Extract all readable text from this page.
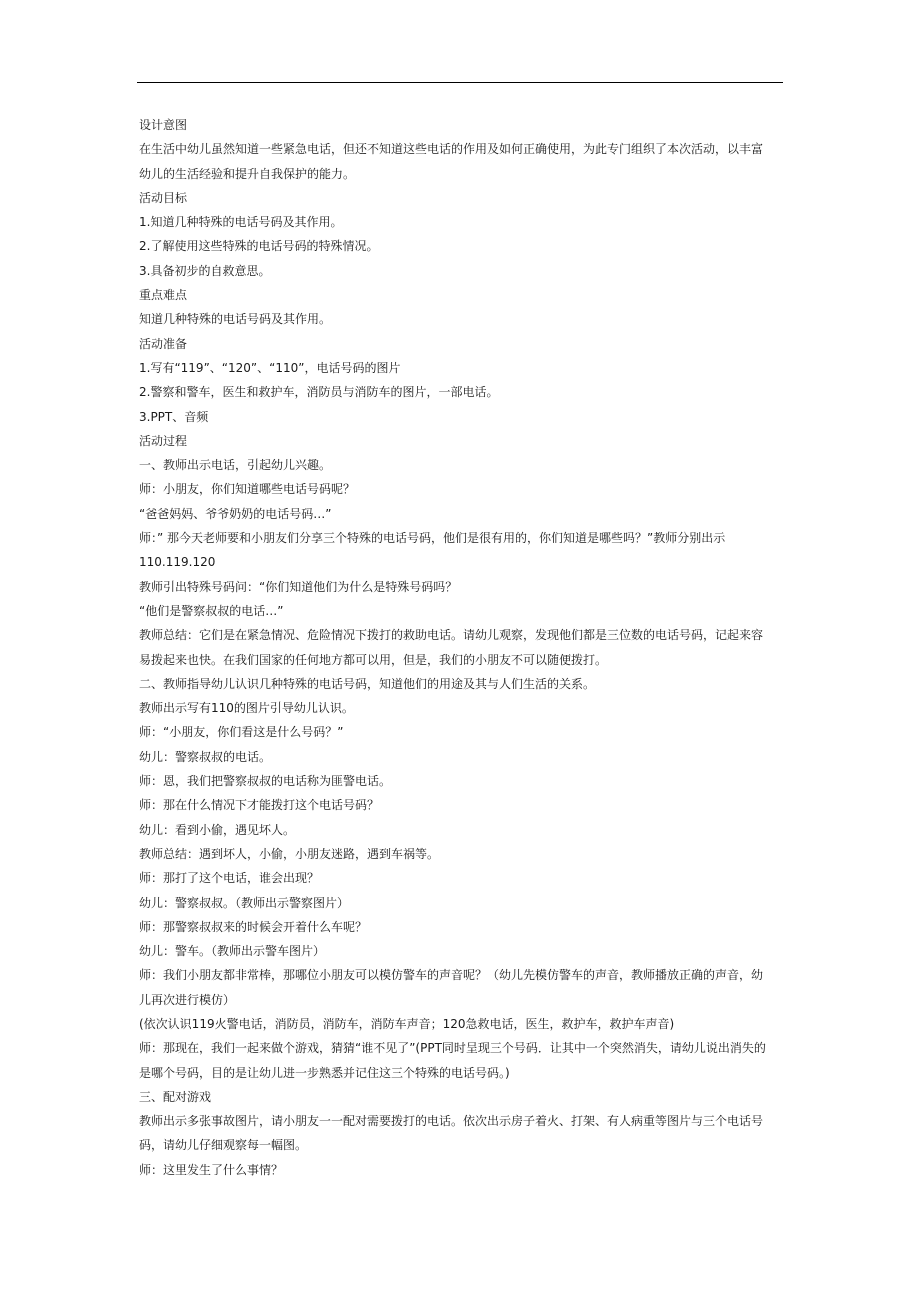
设计意图
在生活中幼儿虽然知道一些紧急电话，但还不知道这些电话的作用及如何正确使用，为此专门组织了本次活动，以丰富
幼儿的生活经验和提升自我保护的能力。
活动目标
1.知道几种特殊的电话号码及其作用。
2.了解使用这些特殊的电话号码的特殊情况。
3.具备初步的自救意思。
重点难点
知道几种特殊的电话号码及其作用。
活动准备
1.写有“119”、“120”、“110”，电话号码的图片
2.警察和警车，医生和救护车，消防员与消防车的图片，一部电话。
3.PPT、音频
活动过程
一、教师出示电话，引起幼儿兴趣。
师：小朋友，你们知道哪些电话号码呢？
“爸爸妈妈、爷爷奶奶的电话号码…”
师：” 那今天老师要和小朋友们分享三个特殊的电话号码，他们是很有用的，你们知道是哪些吗？”教师分别出示
110.119.120
教师引出特殊号码问：“你们知道他们为什么是特殊号码吗？
“他们是警察叔叔的电话…”
教师总结：它们是在紧急情况、危险情况下拨打的救助电话。请幼儿观察，发现他们都是三位数的电话号码，记起来容
易拨起来也快。在我们国家的任何地方都可以用，但是，我们的小朋友不可以随便拨打。
二、教师指导幼儿认识几种特殊的电话号码，知道他们的用途及其与人们生活的关系。
教师出示写有110的图片引导幼儿认识。
师：“小朋友，你们看这是什么号码？”
幼儿：警察叔叔的电话。
师：恩，我们把警察叔叔的电话称为匪警电话。
师：那在什么情况下才能拨打这个电话号码？
幼儿：看到小偷，遇见坏人。
教师总结：遇到坏人，小偷，小朋友迷路，遇到车祸等。
师：那打了这个电话，谁会出现？
幼儿：警察叔叔。（教师出示警察图片）
师：那警察叔叔来的时候会开着什么车呢？
幼儿：警车。（教师出示警车图片）
师：我们小朋友都非常棒，那哪位小朋友可以模仿警车的声音呢？（幼儿先模仿警车的声音，教师播放正确的声音，幼
儿再次进行模仿）
(依次认识119火警电话，消防员，消防车，消防车声音；120急救电话，医生，救护车，救护车声音)
师：那现在，我们一起来做个游戏，猜猜“谁不见了”(PPT同时呈现三个号码．让其中一个突然消失，请幼儿说出消失的
是哪个号码，目的是让幼儿进一步熟悉并记住这三个特殊的电话号码。)
三、配对游戏
教师出示多张事故图片，请小朋友一一配对需要拨打的电话。依次出示房子着火、打架、有人病重等图片与三个电话号
码，请幼儿仔细观察每一幅图。
师：这里发生了什么事情？
